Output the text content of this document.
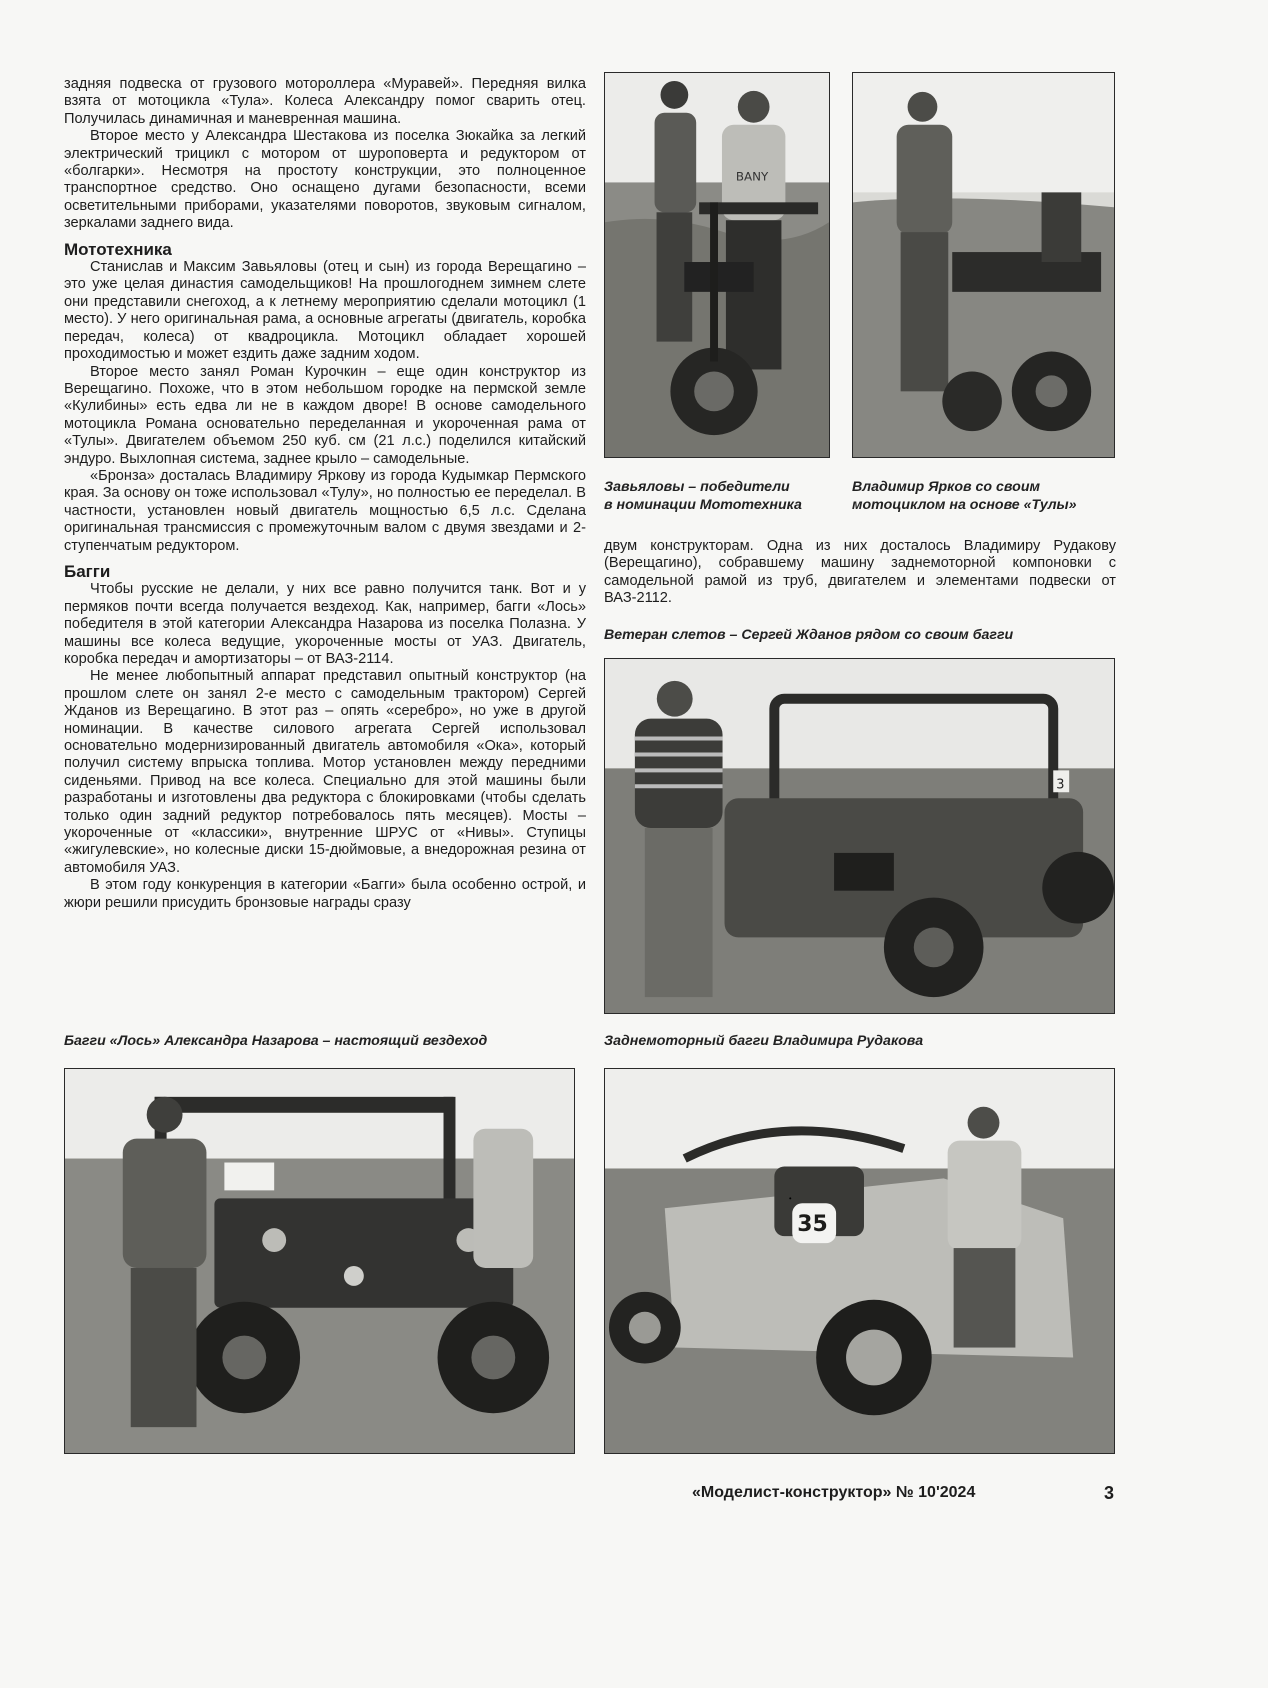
задняя подвеска от грузового мотороллера «Муравей». Передняя вилка взята от мотоцикла «Тула». Колеса Александру помог сварить отец. Получилась динамичная и маневренная машина.

Второе место у Александра Шестакова из поселка Зюкайка за легкий электрический трицикл с мотором от шуроповерта и редуктором от «болгарки». Несмотря на простоту конструкции, это полноценное транспортное средство. Оно оснащено дугами безопасности, всеми осветительными приборами, указателями поворотов, звуковым сигналом, зеркалами заднего вида.

Мототехника

Станислав и Максим Завьяловы (отец и сын) из города Верещагино – это уже целая династия самодельщиков! На прошлогоднем зимнем слете они представили снегоход, а к летнему мероприятию сделали мотоцикл (1 место). У него оригинальная рама, а основные агрегаты (двигатель, коробка передач, колеса) от квадроцикла. Мотоцикл обладает хорошей проходимостью и может ездить даже задним ходом.

Второе место занял Роман Курочкин – еще один конструктор из Верещагино. Похоже, что в этом небольшом городке на пермской земле «Кулибины» есть едва ли не в каждом дворе! В основе самодельного мотоцикла Романа основательно переделанная и укороченная рама от «Тулы». Двигателем объемом 250 куб. см (21 л.с.) поделился китайский эндуро. Выхлопная система, заднее крыло – самодельные.

«Бронза» досталась Владимиру Яркову из города Кудымкар Пермского края. За основу он тоже использовал «Тулу», но полностью ее переделал. В частности, установлен новый двигатель мощностью 6,5 л.с. Сделана оригинальная трансмиссия с промежуточным валом с двумя звездами и 2-ступенчатым редуктором.

Багги

Чтобы русские не делали, у них все равно получится танк. Вот и у пермяков почти всегда получается вездеход. Как, например, багги «Лось» победителя в этой категории Александра Назарова из поселка Полазна. У машины все колеса ведущие, укороченные мосты от УАЗ. Двигатель, коробка передач и амортизаторы – от ВАЗ-2114.

Не менее любопытный аппарат представил опытный конструктор (на прошлом слете он занял 2-е место с самодельным трактором) Сергей Жданов из Верещагино. В этот раз – опять «серебро», но уже в другой номинации. В качестве силового агрегата Сергей использовал основательно модернизированный двигатель автомобиля «Ока», который получил систему впрыска топлива. Мотор установлен между передними сиденьями. Привод на все колеса. Специально для этой машины были разработаны и изготовлены два редуктора с блокировками (чтобы сделать только один задний редуктор потребовалось пять месяцев). Мосты – укороченные от «классики», внутренние ШРУС от «Нивы». Ступицы «жигулевские», но колесные диски 15-дюймовые, а внедорожная резина от автомобиля УАЗ.

В этом году конкуренция в категории «Багги» была особенно острой, и жюри решили присудить бронзовые награды сразу

BANY
Завьяловы – победители
в номинации Мототехника
Владимир Ярков со своим
мотоциклом на основе «Тулы»

двум конструкторам. Одна из них досталось Владимиру Рудакову (Верещагино), собравшему машину заднемоторной компоновки с самодельной рамой из труб, двигателем и элементами подвески от ВАЗ-2112.

Ветеран слетов – Сергей Жданов рядом со своим багги
3
Багги «Лось» Александра Назарова – настоящий вездеход	Заднемоторный багги Владимира Рудакова
35
«Моделист-конструктор» № 10'2024	3
